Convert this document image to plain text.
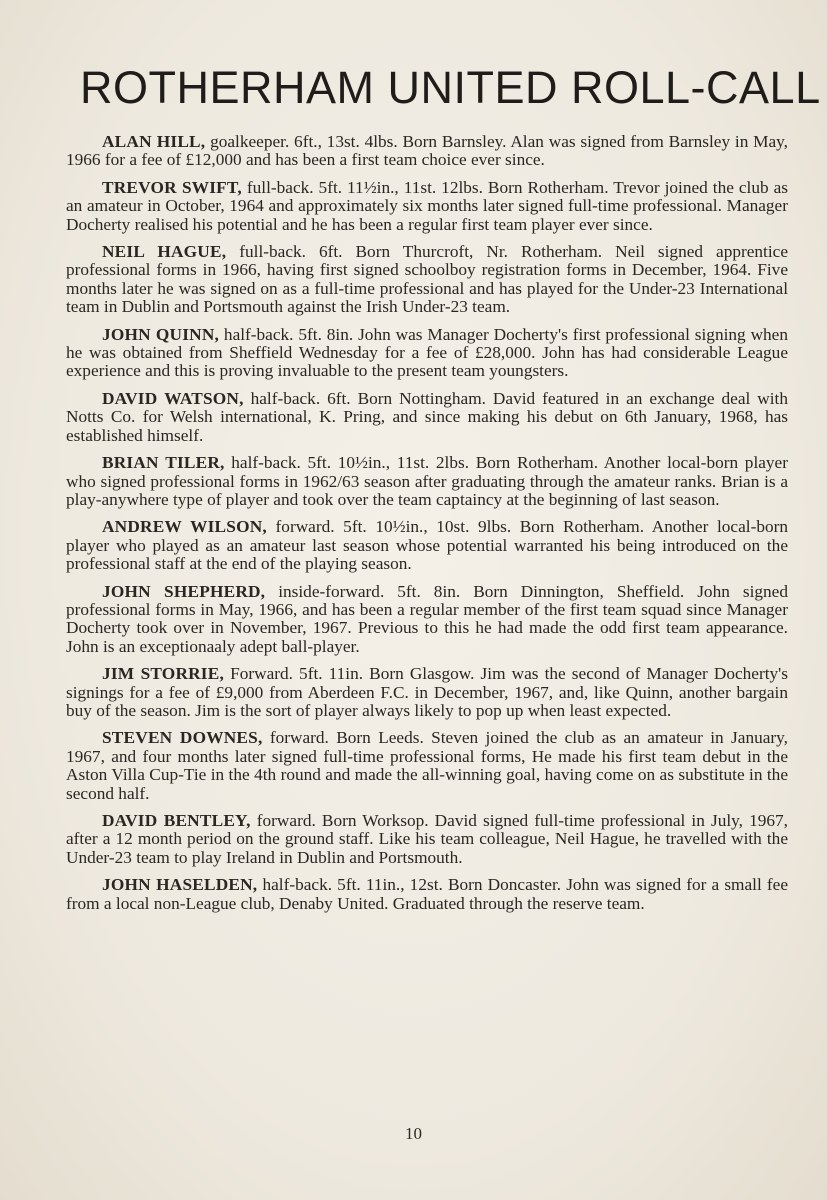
ROTHERHAM UNITED ROLL-CALL

ALAN HILL, goalkeeper. 6ft., 13st. 4lbs. Born Barnsley. Alan was signed from Barnsley in May, 1966 for a fee of £12,000 and has been a first team choice ever since.

TREVOR SWIFT, full-back. 5ft. 11½in., 11st. 12lbs. Born Rotherham. Trevor joined the club as an amateur in October, 1964 and approximately six months later signed full-time professional. Manager Docherty realised his potential and he has been a regular first team player ever since.

NEIL HAGUE, full-back. 6ft. Born Thurcroft, Nr. Rotherham. Neil signed apprentice professional forms in 1966, having first signed schoolboy registration forms in December, 1964. Five months later he was signed on as a full-time professional and has played for the Under-23 International team in Dublin and Portsmouth against the Irish Under-23 team.

JOHN QUINN, half-back. 5ft. 8in. John was Manager Docherty's first professional signing when he was obtained from Sheffield Wednesday for a fee of £28,000. John has had considerable League experience and this is proving invaluable to the present team youngsters.

DAVID WATSON, half-back. 6ft. Born Nottingham. David featured in an exchange deal with Notts Co. for Welsh international, K. Pring, and since making his debut on 6th January, 1968, has established himself.

BRIAN TILER, half-back. 5ft. 10½in., 11st. 2lbs. Born Rotherham. Another local-born player who signed professional forms in 1962/63 season after graduating through the amateur ranks. Brian is a play-anywhere type of player and took over the team captaincy at the beginning of last season.

ANDREW WILSON, forward. 5ft. 10½in., 10st. 9lbs. Born Rotherham. Another local-born player who played as an amateur last season whose potential warranted his being introduced on the professional staff at the end of the playing season.

JOHN SHEPHERD, inside-forward. 5ft. 8in. Born Dinnington, Sheffield. John signed professional forms in May, 1966, and has been a regular member of the first team squad since Manager Docherty took over in November, 1967. Previous to this he had made the odd first team appearance. John is an exceptionaaly adept ball-player.

JIM STORRIE, Forward. 5ft. 11in. Born Glasgow. Jim was the second of Manager Docherty's signings for a fee of £9,000 from Aberdeen F.C. in December, 1967, and, like Quinn, another bargain buy of the season. Jim is the sort of player always likely to pop up when least expected.

STEVEN DOWNES, forward. Born Leeds. Steven joined the club as an amateur in January, 1967, and four months later signed full-time professional forms, He made his first team debut in the Aston Villa Cup-Tie in the 4th round and made the all-winning goal, having come on as substitute in the second half.

DAVID BENTLEY, forward. Born Worksop. David signed full-time professional in July, 1967, after a 12 month period on the ground staff. Like his team colleague, Neil Hague, he travelled with the Under-23 team to play Ireland in Dublin and Portsmouth.

JOHN HASELDEN, half-back. 5ft. 11in., 12st. Born Doncaster. John was signed for a small fee from a local non-League club, Denaby United. Graduated through the reserve team.

10
